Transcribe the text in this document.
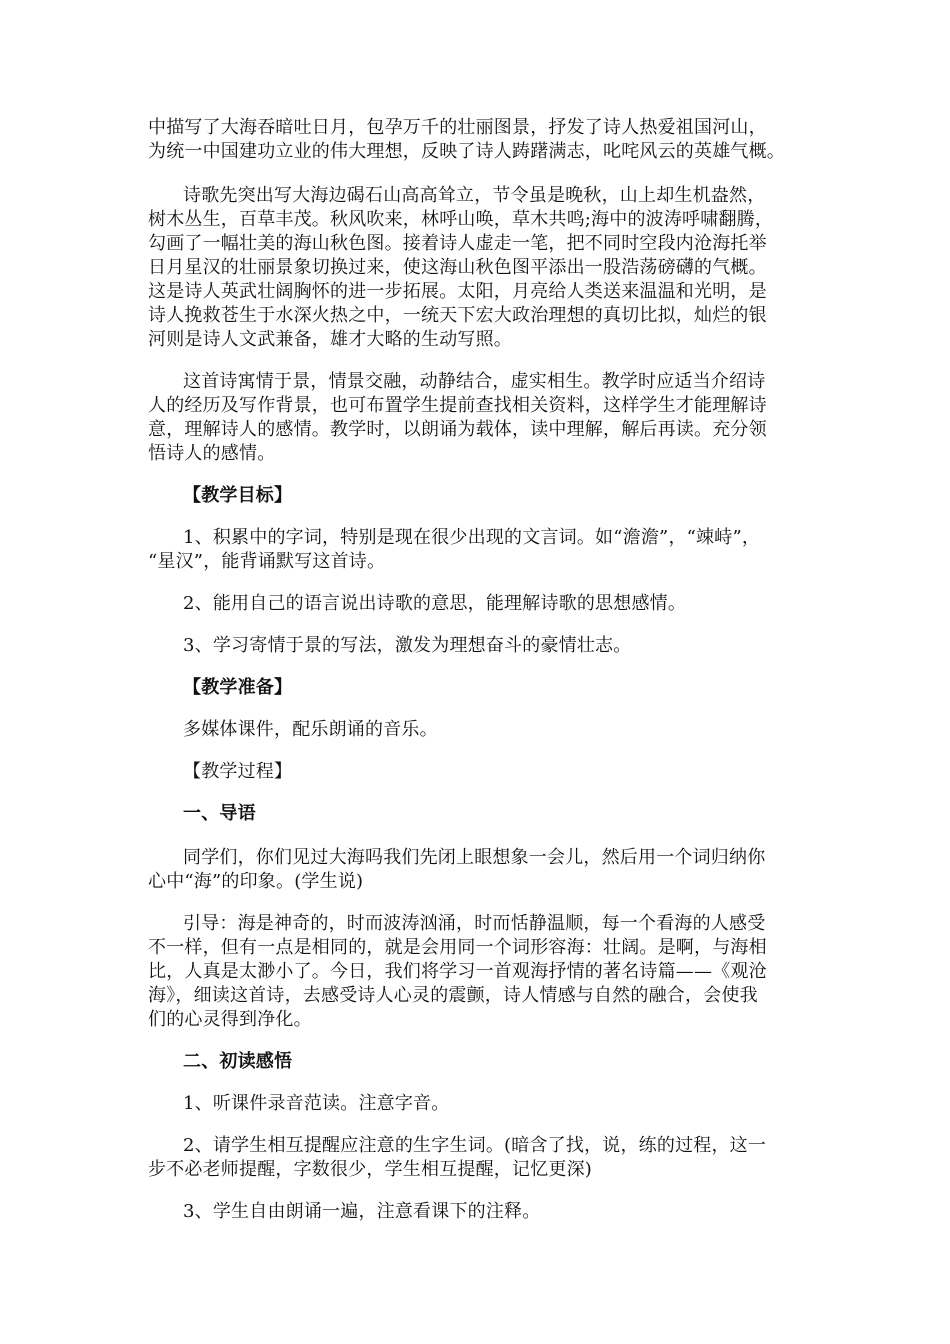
中描写了大海吞暗吐日月，包孕万千的壮丽图景，抒发了诗人热爱祖国河山，
为统一中国建功立业的伟大理想，反映了诗人踌躇满志，叱咤风云的英雄气概。
诗歌先突出写大海边碣石山高高耸立，节令虽是晚秋，山上却生机盎然，
树木丛生，百草丰茂。秋风吹来，林呼山唤，草木共鸣;海中的波涛呼啸翻腾，
勾画了一幅壮美的海山秋色图。接着诗人虚走一笔，把不同时空段内沧海托举
日月星汉的壮丽景象切换过来，使这海山秋色图平添出一股浩荡磅礴的气概。
这是诗人英武壮阔胸怀的进一步拓展。太阳，月亮给人类送来温温和光明，是
诗人挽救苍生于水深火热之中，一统天下宏大政治理想的真切比拟，灿烂的银
河则是诗人文武兼备，雄才大略的生动写照。
这首诗寓情于景，情景交融，动静结合，虚实相生。教学时应适当介绍诗
人的经历及写作背景，也可布置学生提前查找相关资料，这样学生才能理解诗
意，理解诗人的感情。教学时，以朗诵为载体，读中理解，解后再读。充分领
悟诗人的感情。
【教学目标】
1、积累中的字词，特别是现在很少出现的文言词。如“澹澹”，“竦峙”，
“星汉”，能背诵默写这首诗。
2、能用自己的语言说出诗歌的意思，能理解诗歌的思想感情。
3、学习寄情于景的写法，激发为理想奋斗的豪情壮志。
【教学准备】
多媒体课件，配乐朗诵的音乐。
【教学过程】
一、导语
同学们，你们见过大海吗我们先闭上眼想象一会儿，然后用一个词归纳你
心中“海”的印象。(学生说)
引导：海是神奇的，时而波涛汹涌，时而恬静温顺，每一个看海的人感受
不一样，但有一点是相同的，就是会用同一个词形容海：壮阔。是啊，与海相
比，人真是太渺小了。今日，我们将学习一首观海抒情的著名诗篇——《观沧
海》，细读这首诗，去感受诗人心灵的震颤，诗人情感与自然的融合，会使我
们的心灵得到净化。
二、初读感悟
1、听课件录音范读。注意字音。
2、请学生相互提醒应注意的生字生词。(暗含了找，说，练的过程，这一
步不必老师提醒，字数很少，学生相互提醒，记忆更深)
3、学生自由朗诵一遍，注意看课下的注释。
